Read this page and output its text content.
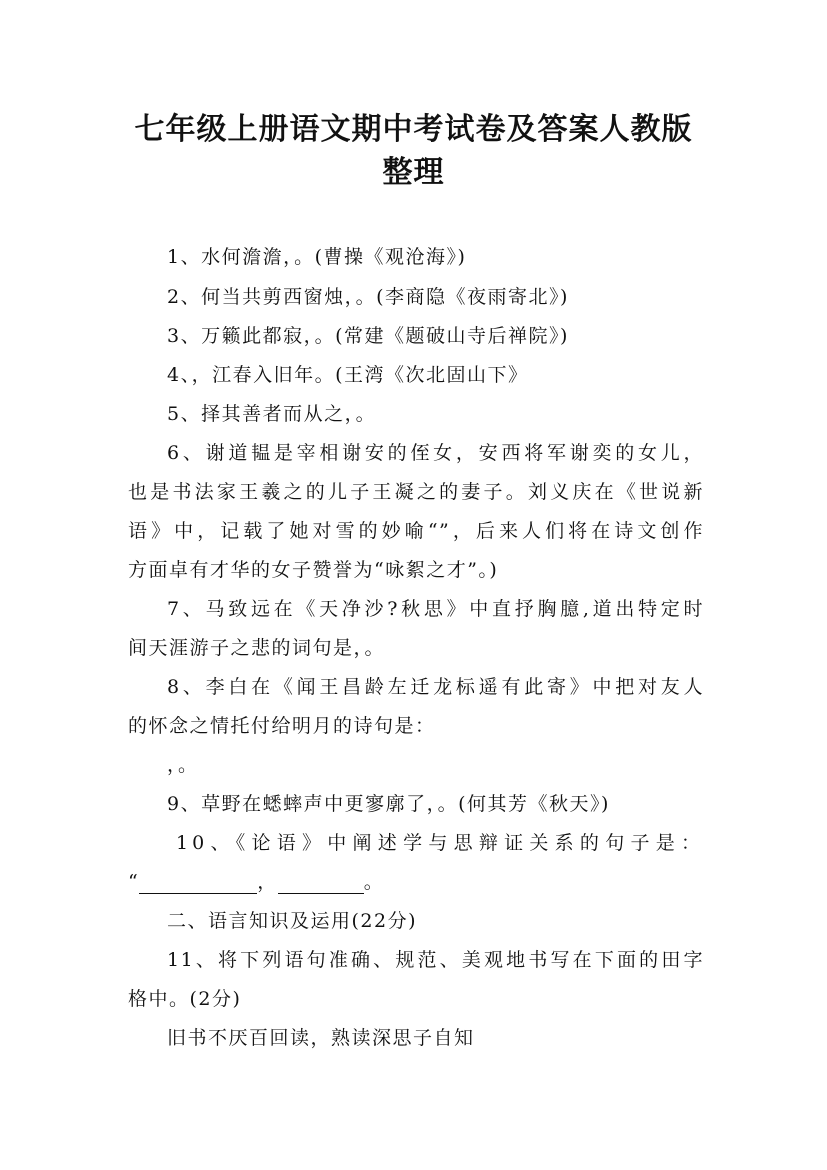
七年级上册语文期中考试卷及答案人教版
整理
1、水何澹澹，。(曹操《观沧海》)
2、何当共剪西窗烛，。(李商隐《夜雨寄北》)
3、万籁此都寂，。(常建《题破山寺后禅院》)
4、，江春入旧年。(王湾《次北固山下》
5、择其善者而从之，。
6、谢道韫是宰相谢安的侄女，安西将军谢奕的女儿，
也是书法家王羲之的儿子王凝之的妻子。刘义庆在《世说新
语》中，记载了她对雪的妙喻“”，后来人们将在诗文创作
方面卓有才华的女子赞誉为“咏絮之才”。)
7、马致远在《天净沙?秋思》中直抒胸臆,道出特定时
间天涯游子之悲的词句是，。
8、李白在《闻王昌龄左迁龙标遥有此寄》中把对友人
的怀念之情托付给明月的诗句是：
，。
9、草野在蟋蟀声中更寥廓了，。(何其芳《秋天》)
10、《论语》中阐述学与思辩证关系的句子是：
“	，	。
二、语言知识及运用(22分)
11、将下列语句准确、规范、美观地书写在下面的田字
格中。(2分)
旧书不厌百回读，熟读深思子自知
